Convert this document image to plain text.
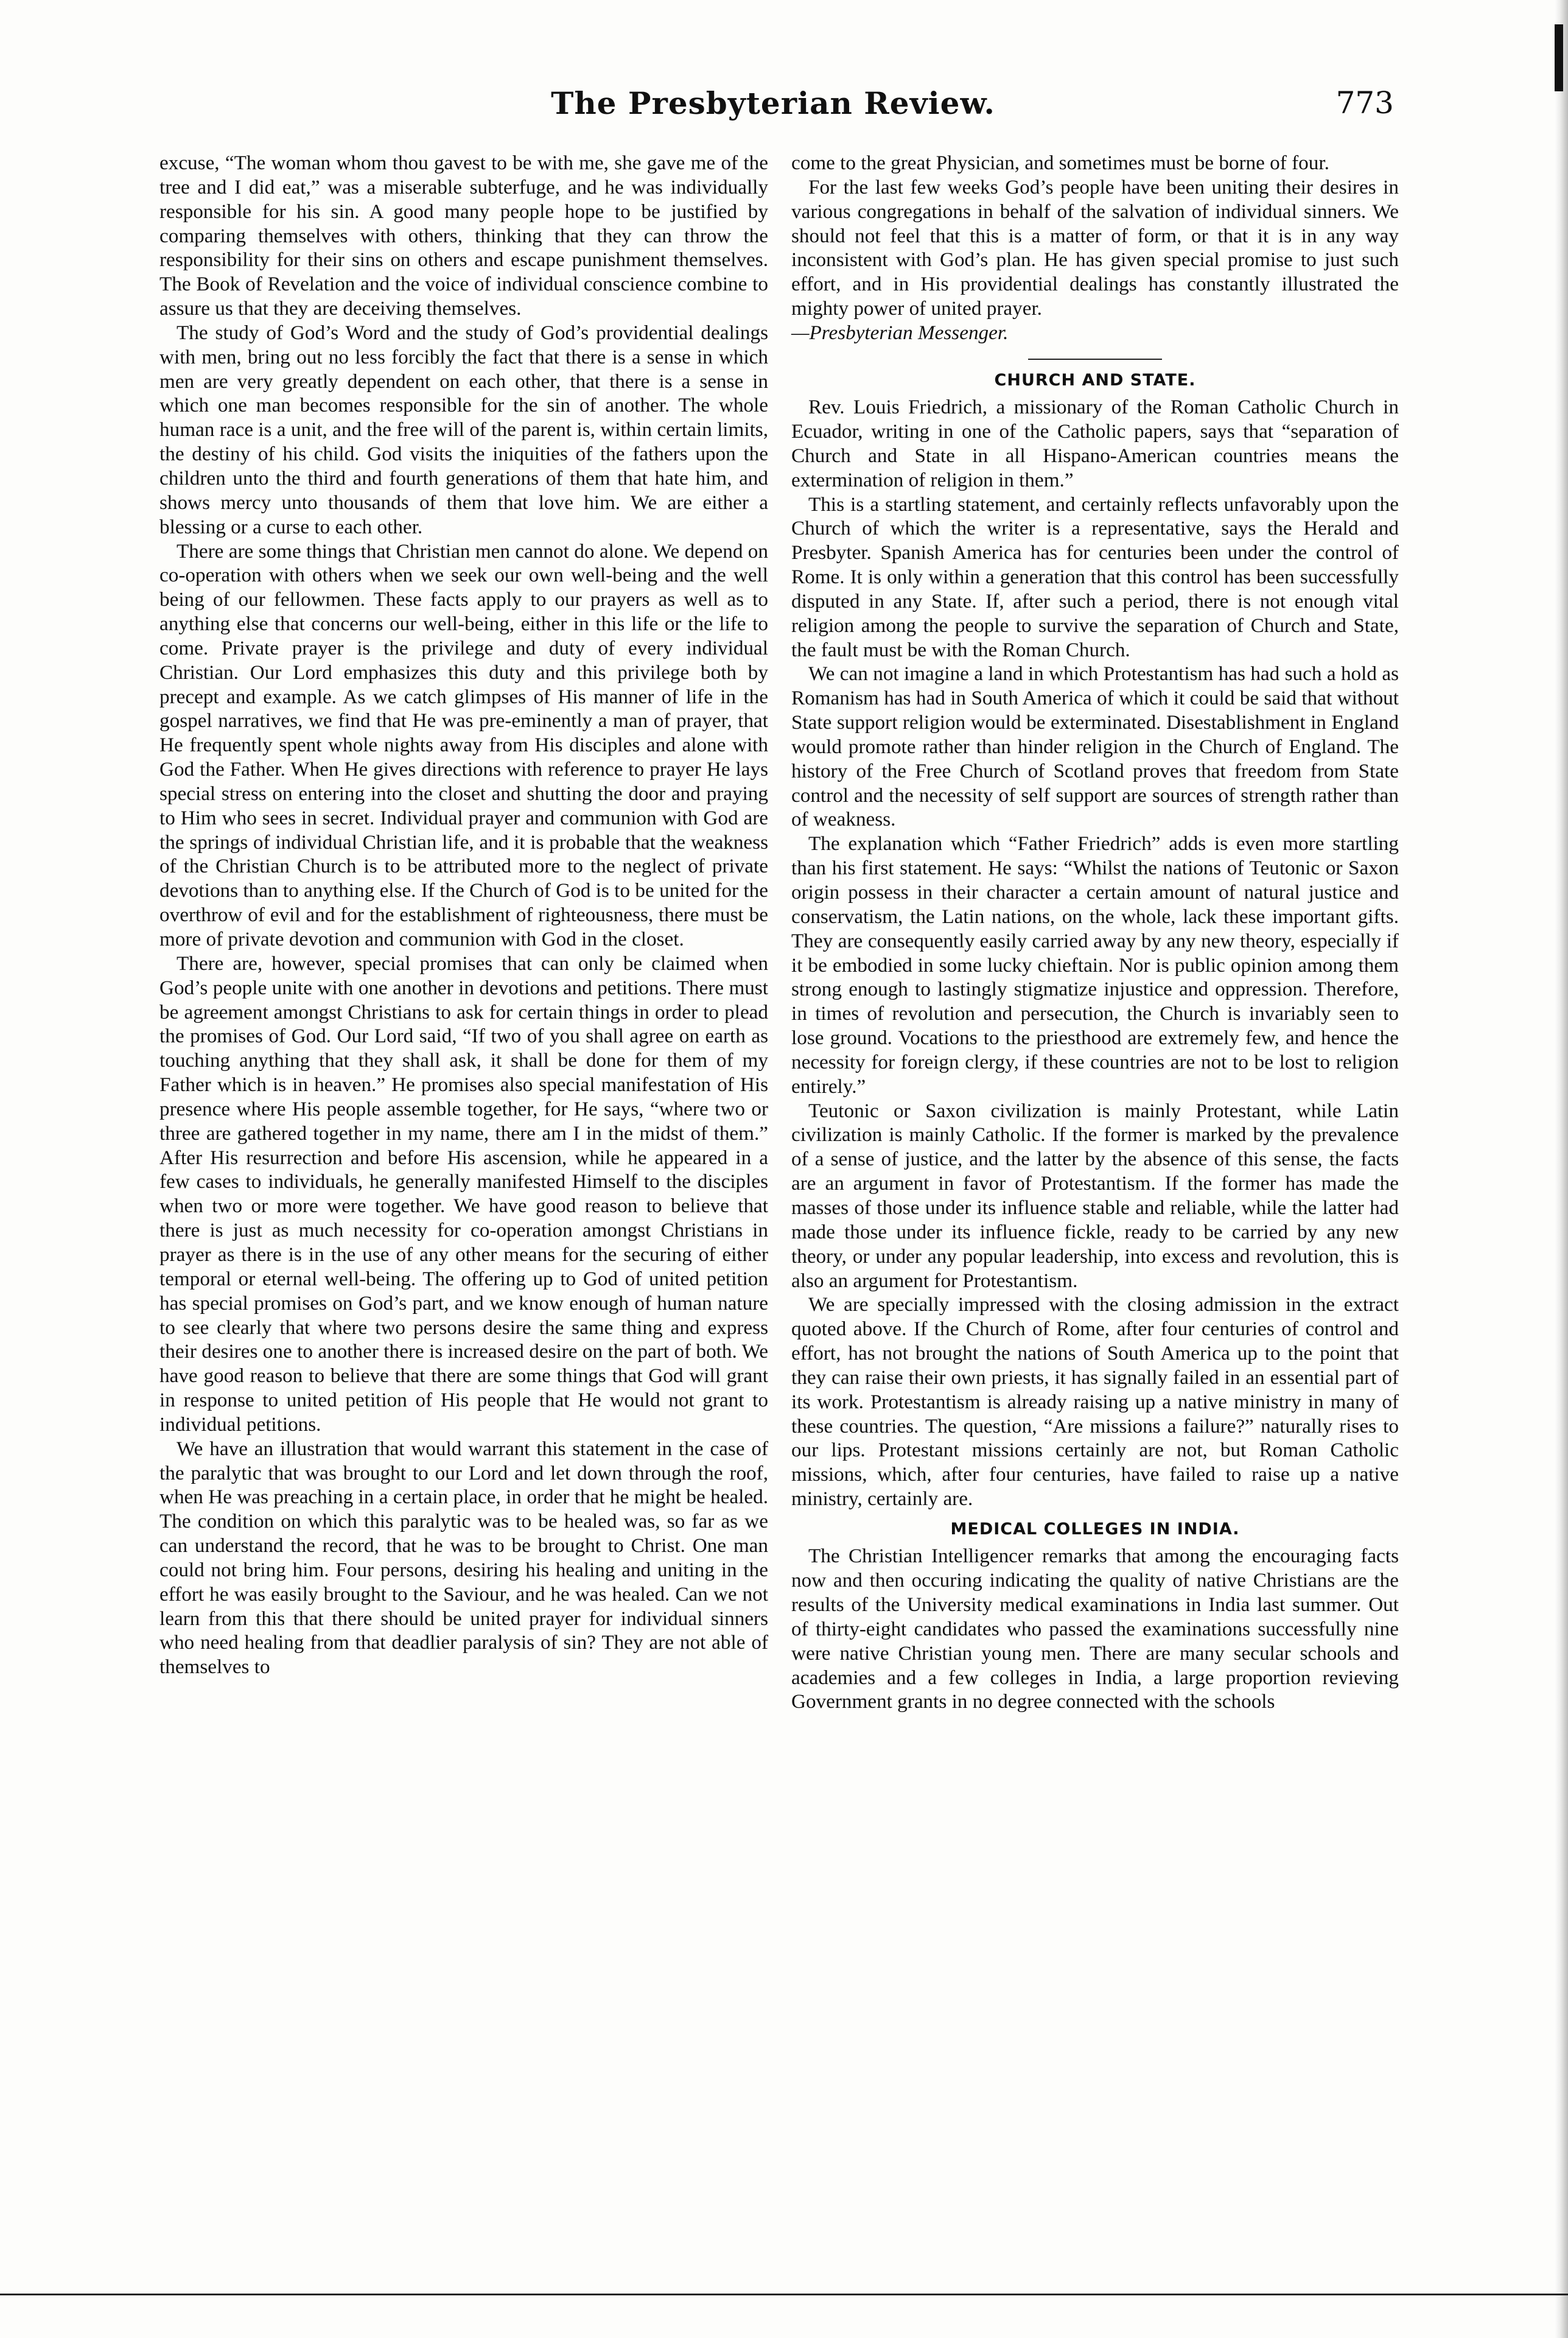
The Presbyterian Review.	773

excuse, “The woman whom thou gavest to be with me, she gave me of the tree and I did eat,” was a miserable subterfuge, and he was individually responsible for his sin. A good many people hope to be justified by comparing themselves with others, thinking that they can throw the responsibility for their sins on others and escape punishment themselves. The Book of Revelation and the voice of individual conscience combine to assure us that they are deceiving themselves.

The study of God’s Word and the study of God’s providential dealings with men, bring out no less forcibly the fact that there is a sense in which men are very greatly dependent on each other, that there is a sense in which one man becomes responsible for the sin of another. The whole human race is a unit, and the free will of the parent is, within certain limits, the destiny of his child. God visits the iniquities of the fathers upon the children unto the third and fourth generations of them that hate him, and shows mercy unto thousands of them that love him. We are either a blessing or a curse to each other.

There are some things that Christian men cannot do alone. We depend on co-operation with others when we seek our own well-being and the well being of our fellowmen. These facts apply to our prayers as well as to anything else that concerns our well-being, either in this life or the life to come. Private prayer is the privilege and duty of every individual Christian. Our Lord emphasizes this duty and this privilege both by precept and example. As we catch glimpses of His manner of life in the gospel narratives, we find that He was pre-eminently a man of prayer, that He frequently spent whole nights away from His disciples and alone with God the Father. When He gives directions with reference to prayer He lays special stress on entering into the closet and shutting the door and praying to Him who sees in secret. Individual prayer and communion with God are the springs of individual Christian life, and it is probable that the weakness of the Christian Church is to be attributed more to the neglect of private devotions than to anything else. If the Church of God is to be united for the overthrow of evil and for the establishment of righteousness, there must be more of private devotion and communion with God in the closet.

There are, however, special promises that can only be claimed when God’s people unite with one another in devotions and petitions. There must be agreement amongst Christians to ask for certain things in order to plead the promises of God. Our Lord said, “If two of you shall agree on earth as touching anything that they shall ask, it shall be done for them of my Father which is in heaven.” He promises also special manifestation of His presence where His people assemble together, for He says, “where two or three are gathered together in my name, there am I in the midst of them.” After His resurrection and before His ascension, while he appeared in a few cases to individuals, he generally manifested Himself to the disciples when two or more were together. We have good reason to believe that there is just as much necessity for co-operation amongst Christians in prayer as there is in the use of any other means for the securing of either temporal or eternal well-being. The offering up to God of united petition has special promises on God’s part, and we know enough of human nature to see clearly that where two persons desire the same thing and express their desires one to another there is increased desire on the part of both. We have good reason to believe that there are some things that God will grant in response to united petition of His people that He would not grant to individual petitions.

We have an illustration that would warrant this statement in the case of the paralytic that was brought to our Lord and let down through the roof, when He was preaching in a certain place, in order that he might be healed. The condition on which this paralytic was to be healed was, so far as we can understand the record, that he was to be brought to Christ. One man could not bring him. Four persons, desiring his healing and uniting in the effort he was easily brought to the Saviour, and he was healed. Can we not learn from this that there should be united prayer for individual sinners who need healing from that deadlier paralysis of sin? They are not able of themselves to

come to the great Physician, and sometimes must be borne of four.

For the last few weeks God’s people have been uniting their desires in various congregations in behalf of the salvation of individual sinners. We should not feel that this is a matter of form, or that it is in any way inconsistent with God’s plan. He has given special promise to just such effort, and in His providential dealings has constantly illustrated the mighty power of united prayer.

—Presbyterian Messenger.

CHURCH AND STATE.

Rev. Louis Friedrich, a missionary of the Roman Catholic Church in Ecuador, writing in one of the Catholic papers, says that “separation of Church and State in all Hispano-American countries means the extermination of religion in them.”

This is a startling statement, and certainly reflects unfavorably upon the Church of which the writer is a representative, says the Herald and Presbyter. Spanish America has for centuries been under the control of Rome. It is only within a generation that this control has been successfully disputed in any State. If, after such a period, there is not enough vital religion among the people to survive the separation of Church and State, the fault must be with the Roman Church.

We can not imagine a land in which Protestantism has had such a hold as Romanism has had in South America of which it could be said that without State support religion would be exterminated. Disestablishment in England would promote rather than hinder religion in the Church of England. The history of the Free Church of Scotland proves that freedom from State control and the necessity of self support are sources of strength rather than of weakness.

The explanation which “Father Friedrich” adds is even more startling than his first statement. He says: “Whilst the nations of Teutonic or Saxon origin possess in their character a certain amount of natural justice and conservatism, the Latin nations, on the whole, lack these important gifts. They are consequently easily carried away by any new theory, especially if it be embodied in some lucky chieftain. Nor is public opinion among them strong enough to lastingly stigmatize injustice and oppression. Therefore, in times of revolution and persecution, the Church is invariably seen to lose ground. Vocations to the priesthood are extremely few, and hence the necessity for foreign clergy, if these countries are not to be lost to religion entirely.”

Teutonic or Saxon civilization is mainly Protestant, while Latin civilization is mainly Catholic. If the former is marked by the prevalence of a sense of justice, and the latter by the absence of this sense, the facts are an argument in favor of Protestantism. If the former has made the masses of those under its influence stable and reliable, while the latter had made those under its influence fickle, ready to be carried by any new theory, or under any popular leadership, into excess and revolution, this is also an argument for Protestantism.

We are specially impressed with the closing admission in the extract quoted above. If the Church of Rome, after four centuries of control and effort, has not brought the nations of South America up to the point that they can raise their own priests, it has signally failed in an essential part of its work. Protestantism is already raising up a native ministry in many of these countries. The question, “Are missions a failure?” naturally rises to our lips. Protestant missions certainly are not, but Roman Catholic missions, which, after four centuries, have failed to raise up a native ministry, certainly are.

MEDICAL COLLEGES IN INDIA.

The Christian Intelligencer remarks that among the encouraging facts now and then occuring indicating the quality of native Christians are the results of the University medical examinations in India last summer. Out of thirty-eight candidates who passed the examinations successfully nine were native Christian young men. There are many secular schools and academies and a few colleges in India, a large proportion revieving Government grants in no degree connected with the schools
